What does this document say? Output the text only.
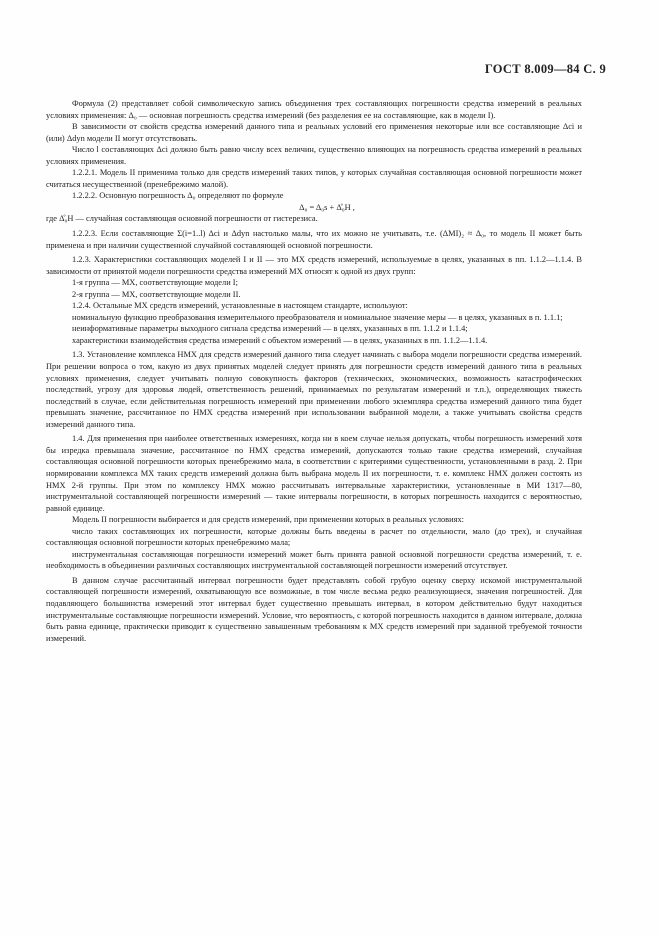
ГОСТ 8.009—84 С. 9

Формула (2) представляет собой символическую запись объединения трех составляющих погрешности средства измерений в реальных условиях применения: Δ₀ — основная погрешность средства измерений (без разделения ее на составляющие, как в модели I).

В зависимости от свойств средства измерений данного типа и реальных условий его применения некоторые или все составляющие Δci и (или) Δdyn модели II могут отсутствовать.

Число l составляющих Δci должно быть равно числу всех величин, существенно влияющих на погрешность средства измерений в реальных условиях применения.

1.2.2.1. Модель II применима только для средств измерений таких типов, у которых случайная составляющая основной погрешности может считаться несущественной (пренебрежимо малой).

1.2.2.2. Основную погрешность Δ₀ определяют по формуле

Δ₀ = Δ₀s + Δ̊₀H ,

где Δ̊₀H — случайная составляющая основной погрешности от гистерезиса.

1.2.2.3. Если составляющие Σ(i=1..l) Δci и Δdyn настолько малы, что их можно не учитывать, т.е. (ΔMI)₂ ≈ Δ₀, то модель II может быть применена и при наличии существенной случайной составляющей основной погрешности.

1.2.3. Характеристики составляющих моделей I и II — это МХ средств измерений, используемые в целях, указанных в пп. 1.1.2—1.1.4. В зависимости от принятой модели погрешности средства измерений МХ относят к одной из двух групп:

1-я группа — МХ, соответствующие модели I;

2-я группа — МХ, соответствующие модели II.

1.2.4. Остальные МХ средств измерений, установленные в настоящем стандарте, используют:

номинальную функцию преобразования измерительного преобразователя и номинальное значение меры — в целях, указанных в п. 1.1.1;

неинформативные параметры выходного сигнала средства измерений — в целях, указанных в пп. 1.1.2 и 1.1.4;

характеристики взаимодействия средства измерений с объектом измерений — в целях, указанных в пп. 1.1.2—1.1.4.

1.3. Установление комплекса НМХ для средств измерений данного типа следует начинать с выбора модели погрешности средства измерений. При решении вопроса о том, какую из двух принятых моделей следует принять для погрешности средств измерений данного типа в реальных условиях применения, следует учитывать полную совокупность факторов (технических, экономических, возможность катастрофических последствий, угрозу для здоровья людей, ответственность решений, принимаемых по результатам измерений и т.п.), определяющих тяжесть последствий в случае, если действительная погрешность измерений при применении любого экземпляра средства измерений данного типа будет превышать значение, рассчитанное по НМХ средства измерений при использовании выбранной модели, а также учитывать свойства средств измерений данного типа.

1.4. Для применения при наиболее ответственных измерениях, когда ни в коем случае нельзя допускать, чтобы погрешность измерений хотя бы изредка превышала значение, рассчитанное по НМХ средства измерений, допускаются только такие средства измерений, случайная составляющая основной погрешности которых пренебрежимо мала, в соответствии с критериями существенности, установленными в разд. 2. При нормировании комплекса МХ таких средств измерений должна быть выбрана модель II их погрешности, т. е. комплекс НМХ должен состоять из НМХ 2-й группы. При этом по комплексу НМХ можно рассчитывать интервальные характеристики, установленные в МИ 1317—80, инструментальной составляющей погрешности измерений — такие интервалы погрешности, в которых погрешность находится с вероятностью, равной единице.

Модель II погрешности выбирается и для средств измерений, при применении которых в реальных условиях:

число таких составляющих их погрешности, которые должны быть введены в расчет по отдельности, мало (до трех), и случайная составляющая основной погрешности которых пренебрежимо мала;

инструментальная составляющая погрешности измерений может быть принята равной основной погрешности средства измерений, т. е. необходимость в объединении различных составляющих инструментальной составляющей погрешности измерений отсутствует.

В данном случае рассчитанный интервал погрешности будет представлять собой грубую оценку сверху искомой инструментальной составляющей погрешности измерений, охватывающую все возможные, в том числе весьма редко реализующиеся, значения погрешностей. Для подавляющего большинства измерений этот интервал будет существенно превышать интервал, в котором действительно будут находиться инструментальные составляющие погрешности измерений. Условие, что вероятность, с которой погрешность находится в данном интервале, должна быть равна единице, практически приводит к существенно завышенным требованиям к МХ средств измерений при заданной требуемой точности измерений.
